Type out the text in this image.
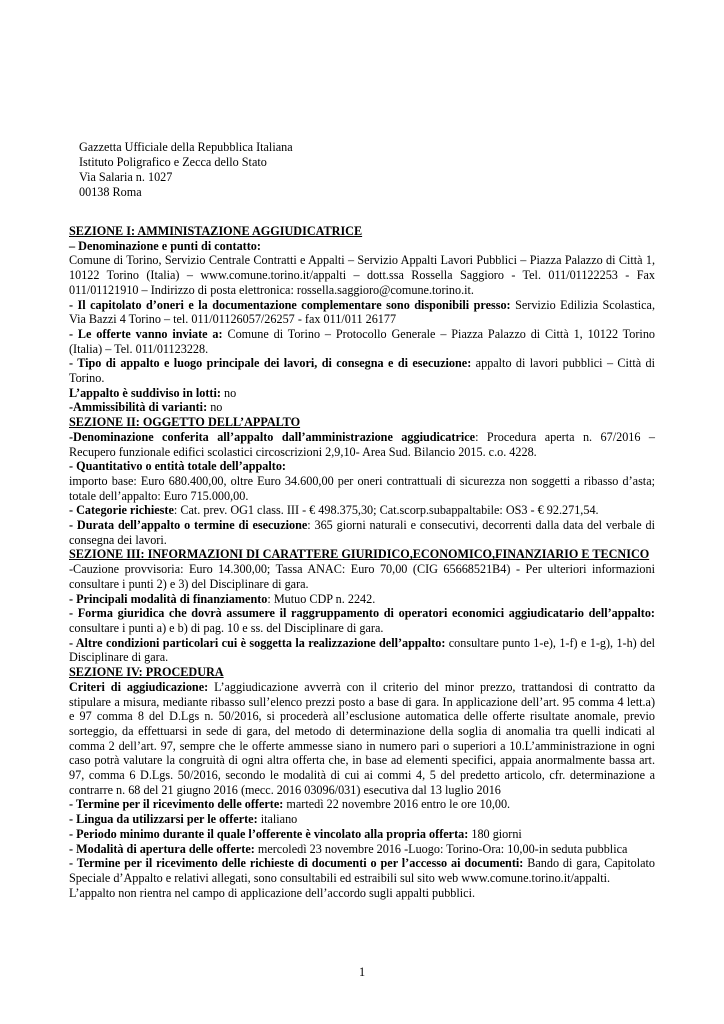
Gazzetta Ufficiale della Repubblica Italiana
Istituto Poligrafico e Zecca dello Stato
Via Salaria n. 1027
00138 Roma

SEZIONE I: AMMINISTAZIONE AGGIUDICATRICE

– Denominazione e punti di contatto:

Comune di Torino, Servizio Centrale Contratti e Appalti – Servizio Appalti Lavori Pubblici – Piazza Palazzo di Città 1, 10122 Torino (Italia) – www.comune.torino.it/appalti – dott.ssa Rossella Saggioro - Tel. 011/01122253 - Fax 011/01121910 – Indirizzo di posta elettronica: rossella.saggioro@comune.torino.it.

- Il capitolato d’oneri e la documentazione complementare sono disponibili presso: Servizio Edilizia Scolastica, Via Bazzi 4 Torino – tel. 011/01126057/26257 - fax 011/011 26177

- Le offerte vanno inviate a: Comune di Torino – Protocollo Generale – Piazza Palazzo di Città 1, 10122 Torino (Italia) – Tel. 011/01123228.

- Tipo di appalto e luogo principale dei lavori, di consegna e di esecuzione: appalto di lavori pubblici – Città di Torino.

L’appalto è suddiviso in lotti: no

-Ammissibilità di varianti: no

SEZIONE II: OGGETTO DELL’APPALTO

-Denominazione conferita all’appalto dall’amministrazione aggiudicatrice: Procedura aperta n. 67/2016 – Recupero funzionale edifici scolastici circoscrizioni 2,9,10- Area Sud. Bilancio 2015. c.o. 4228.

- Quantitativo o entità totale dell’appalto:

importo base: Euro 680.400,00, oltre Euro 34.600,00 per oneri contrattuali di sicurezza non soggetti a ribasso d’asta; totale dell’appalto: Euro 715.000,00.

- Categorie richieste: Cat. prev. OG1 class. III - € 498.375,30; Cat.scorp.subappaltabile: OS3 - € 92.271,54.

- Durata dell’appalto o termine di esecuzione: 365 giorni naturali e consecutivi, decorrenti dalla data del verbale di consegna dei lavori.

SEZIONE III: INFORMAZIONI DI CARATTERE GIURIDICO,ECONOMICO,FINANZIARIO E TECNICO

-Cauzione provvisoria: Euro 14.300,00; Tassa ANAC: Euro 70,00 (CIG 65668521B4) - Per ulteriori informazioni consultare i punti 2) e 3) del Disciplinare di gara.

- Principali modalità di finanziamento: Mutuo CDP n. 2242.

- Forma giuridica che dovrà assumere il raggruppamento di operatori economici aggiudicatario dell’appalto: consultare i punti a) e b) di pag. 10 e ss. del Disciplinare di gara.

- Altre condizioni particolari cui è soggetta la realizzazione dell’appalto: consultare punto 1-e), 1-f) e 1-g), 1-h) del Disciplinare di gara.

SEZIONE IV: PROCEDURA

Criteri di aggiudicazione: L’aggiudicazione avverrà con il criterio del minor prezzo, trattandosi di contratto da stipulare a misura, mediante ribasso sull’elenco prezzi posto a base di gara. In applicazione dell’art. 95 comma 4 lett.a) e 97 comma 8 del D.Lgs n. 50/2016, si procederà all’esclusione automatica delle offerte risultate anomale, previo sorteggio, da effettuarsi in sede di gara, del metodo di determinazione della soglia di anomalia tra quelli indicati al comma 2 dell’art. 97, sempre che le offerte ammesse siano in numero pari o superiori a 10.L’amministrazione in ogni caso potrà valutare la congruità di ogni altra offerta che, in base ad elementi specifici, appaia anormalmente bassa art. 97, comma 6 D.Lgs. 50/2016, secondo le modalità di cui ai commi 4, 5 del predetto articolo, cfr. determinazione a contrarre n. 68 del 21 giugno 2016 (mecc. 2016 03096/031) esecutiva dal 13 luglio 2016

- Termine per il ricevimento delle offerte: martedì 22 novembre 2016 entro le ore 10,00.

- Lingua da utilizzarsi per le offerte: italiano

- Periodo minimo durante il quale l’offerente è vincolato alla propria offerta: 180 giorni

- Modalità di apertura delle offerte: mercoledì 23 novembre 2016 -Luogo: Torino-Ora: 10,00-in seduta pubblica

- Termine per il ricevimento delle richieste di documenti o per l’accesso ai documenti: Bando di gara, Capitolato Speciale d’Appalto e relativi allegati, sono consultabili ed estraibili sul sito web www.comune.torino.it/appalti.

L’appalto non rientra nel campo di applicazione dell’accordo sugli appalti pubblici.

1
